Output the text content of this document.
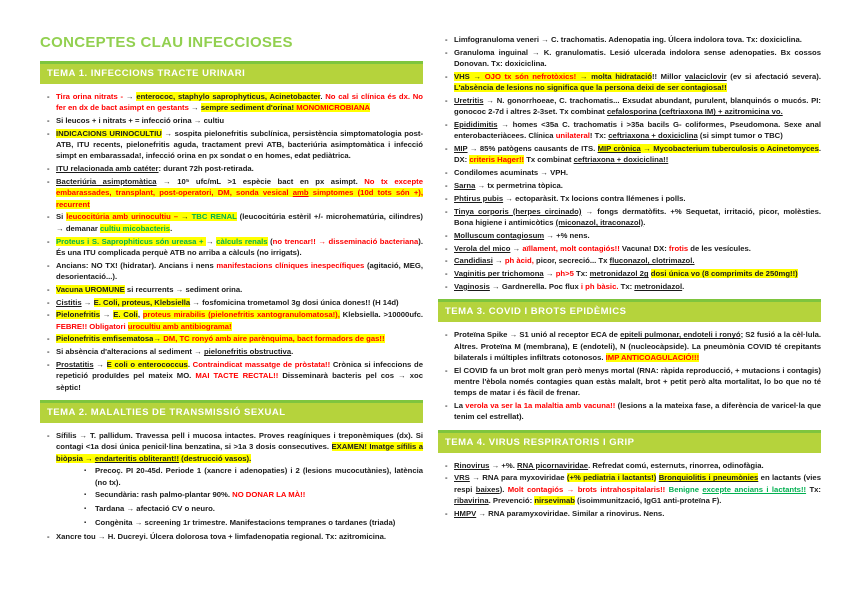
CONCEPTES CLAU INFECCIOSES
TEMA 1. INFECCIONS TRACTE URINARI
- Tira orina nitrats - → enterococ, staphylo saprophyticus, Acinetobacter. No cal si clínica és dx. No fer en dx de bact asimpt en gestants → sempre sediment d'orina! MONOMICROBIANA
- Si leucos + i nitrats + = infecció orina → cultiu
- INDICACIONS URINOCULTIU → sospita pielonefritis subclínica, persistència simptomatologia post-ATB, ITU recents, pielonefritis aguda, tractament previ ATB, bacteriúria asimptomàtica i infecció simpt en embarassada!, infecció orina en px sondat o en homes, edat pediàtrica.
- ITU relacionada amb catéter: durant 72h post-retirada.
- Bacteriúria asimptomàtica → 10⁵ ufc/mL >1 espècie bact en px asimpt. No tx excepte embarassades, transplant, post-operatori, DM, sonda vesical amb simptomes (10d tots són +), recurrent
- Si leucocitúria amb urinocultiu – → TBC RENAL (leucocitúria estèril +/- microhematúria, cilindres) → demanar cultiu micobacteris.
- Proteus i S. Saprophiticus són ureasa + → càlculs renals (no trencar!! → disseminació bacteriana). És una ITU complicada perquè ATB no arriba a càlculs (no irrigats).
- Ancians: NO TX! (hidratar). Ancians i nens manifestacions clíniques inespecífiques (agitació, MEG, desorientació...).
- Vacuna UROMUNE si recurrents → sediment orina.
- Cistitis → E. Coli, proteus, Klebsiella → fosfomicina trometamol 3g dosi única dones!! (H 14d)
- Pielonefritis → E. Coli, proteus mirabilis (pielonefritis xantogranulomatosa!), Klebsiella. >10000ufc. FEBRE!! Obligatori urocultiu amb antibiograma!
- Pielonefritis emfisematosa→ DM, TC ronyó amb aire parènquima, bact formadors de gas!!
- Si absència d'alteracions al sediment → pielonefritis obstructiva.
- Prostatitis → E coli o enterococcus. Contraindicat massatge de pròstata!! Crònica si infeccions de repetició produïdes pel mateix MO. MAI TACTE RECTAL!! Disseminarà bacteris pel cos → xoc sèptic!
TEMA 2. MALALTIES DE TRANSMISSIÓ SEXUAL
- Sífilis → T. pallidum. Travessa pell i mucosa intactes. Proves reagíniques i treponèmiques (dx). Si contagi <1a dosi única penicil·lina benzatina, si >1a 3 dosis consecutives. EXAMEN! Imatge sífilis a biòpsia → endarteritis obliterant!! (destrucció vasos).
▪	Precoç. PI 20-45d. Periode 1 (xancre i adenopaties) i 2 (lesions mucocutànies), latència (no tx).
▪	Secundària: rash palmo-plantar 90%. NO DONAR LA MÀ!!
▪	Tardana → afectació CV o neuro.
▪	Congènita → screening 1r trimestre. Manifestacions tempranes o tardanes (triada)
- Xancre tou → H. Ducreyi. Úlcera dolorosa tova + limfadenopatia regional. Tx: azitromicina.
- Limfogranuloma veneri → C. trachomatis. Adenopatia ing. Úlcera indolora tova. Tx: doxiciclina.
- Granuloma inguinal → K. granulomatis. Lesió ulcerada indolora sense adenopaties. Bx cossos Donovan. Tx: doxiciclina.
- VHS → OJO tx són nefrotòxics! → molta hidratació!! Millor valaciclovir (ev si afectació severa). L'absència de lesions no significa que la persona deixi de ser contagiosa!!
- Uretritis → N. gonorrhoeae, C. trachomatis... Exsudat abundant, purulent, blanquinós o mucós. PI: gonococ 2-7d i altres 2-3set. Tx combinat cefalosporina (ceftriaxona IM) + azitromicina vo.
- Epididimitis → homes <35a C. trachomatis i >35a bacils G- coliformes, Pseudomona. Sexe anal enterobacteriàcees. Clínica unilateral! Tx: ceftriaxona + doxiciclina (si simpt tumor o TBC)
- MIP → 85% patògens causants de ITS. MIP crònica → Mycobacterium tuberculosis o Acinetomyces. DX: criteris Hager!! Tx combinat ceftriaxona + doxiciclina!!
- Condilomes acuminats → VPH.
- Sarna → tx permetrina tòpica.
- Phtirus pubis → ectoparàsit. Tx locions contra llémenes i polls.
- Tinya corporis (herpes circinado) → fongs dermatòfits. +% Sequetat, irritació, picor, molèsties. Bona higiene i antimicòtics (miconazol, itraconazol).
- Molluscum contagiosum → +% nens.
- Verola del mico → aïllament, molt contagiós!! Vacuna! DX: frotis de les vesícules.
- Candidiasi → ph àcid, picor, secreció... Tx fluconazol, clotrimazol.
- Vaginitis per trichomona → ph>5 Tx: metronidazol 2g dosi única vo (8 comprimits de 250mg!!)
- Vaginosis → Gardnerella. Poc flux i ph bàsic. Tx: metronidazol.
TEMA 3. COVID I BROTS EPIDÈMICS
- Proteïna Spike → S1 unió al receptor ECA de epiteli pulmonar, endoteli i ronyó; S2 fusió a la cèl·lula. Altres. Proteïna M (membrana), E (endoteli), N (nucleocàpside). La pneumònia COVID té crepitants bilaterals i múltiples infiltrats cotonosos. IMP ANTICOAGULACIÓ!!!
- El COVID fa un brot molt gran però menys mortal (RNA: ràpida reproducció, + mutacions i contagis) mentre l'èbola només contagies quan estàs malalt, brot + petit però alta mortalitat, lo bo que no té temps de matar i és fàcil de frenar.
- La verola va ser la 1a malaltia amb vacuna!! (lesions a la mateixa fase, a diferència de varicel·la que tenim cel estrellat).
TEMA 4. VIRUS RESPIRATORIS I GRIP
- Rinovirus → +%. RNA picornaviridae. Refredat comú, esternuts, rinorrea, odinofàgia.
- VRS → RNA para myxoviridae (+% pediatria i lactants!) Bronquiolitis i pneumònies en lactants (vies respi baixes). Molt contagiós → brots intrahospitalaris!! Benigne excepte ancians i lactants!! Tx: ribavirina. Prevenció: nirsevimab (isoimmunització, IgG1 anti-proteïna F).
- HMPV → RNA paramyxoviridae. Similar a rinovirus. Nens.
